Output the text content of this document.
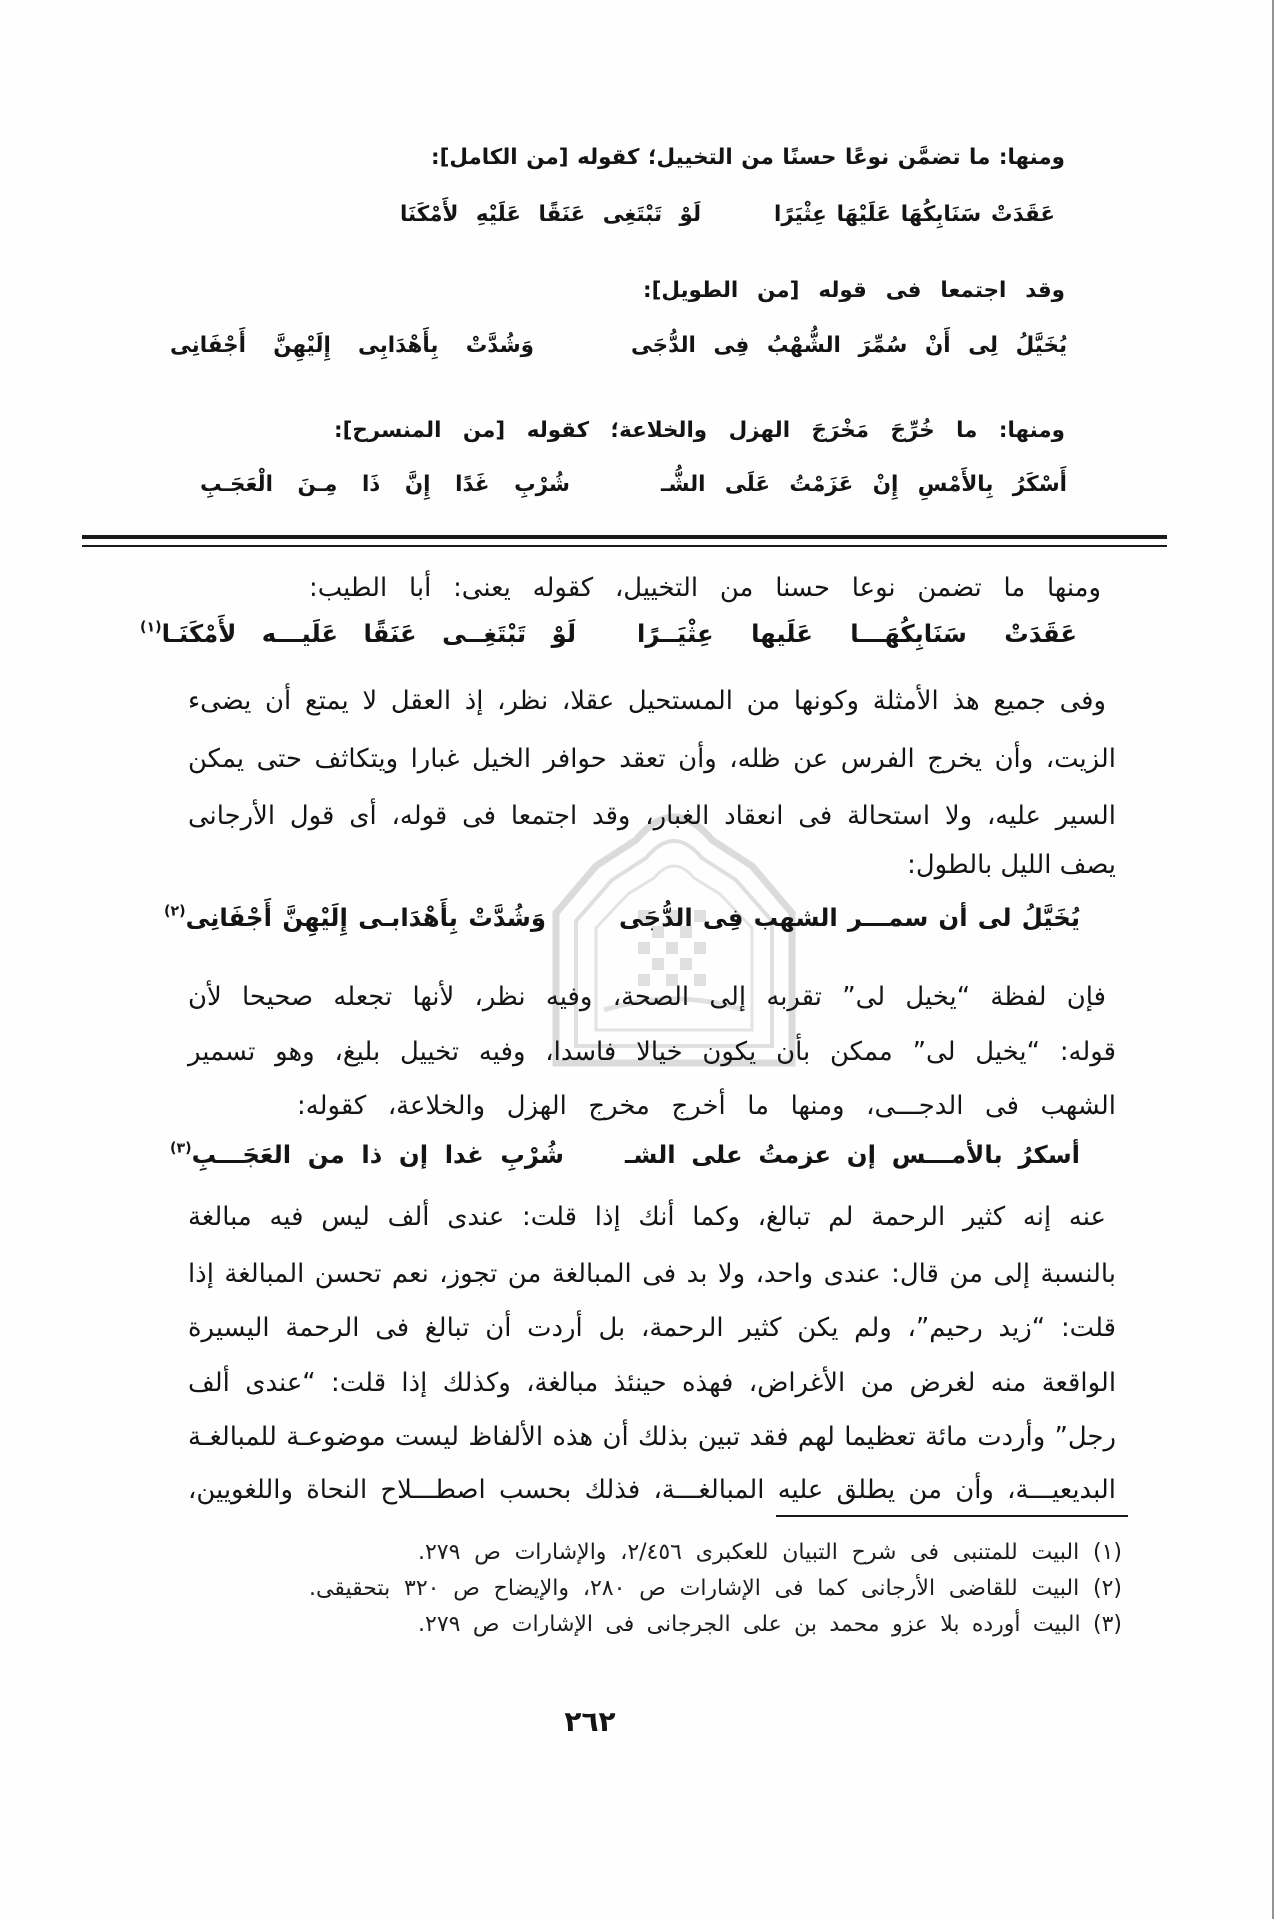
ومنها: ما تضمَّن نوعًا حسنًا من التخييل؛ كقوله [من الكامل]:
عَقَدَتْ سَنَابِكُهَا عَلَيْهَا عِثْيَرًا
لَوْ تَبْتَغِى عَنَقًا عَلَيْهِ لأَمْكَنَا
وقد اجتمعا فى قوله [من الطويل]:
يُخَيَّلُ لِى أَنْ سُمِّرَ الشُّهْبُ فِى الدُّجَى
وَشُدَّتْ بِأَهْدَابِى إِلَيْهِنَّ أَجْفَانِى
ومنها: ما خُرِّجَ مَخْرَجَ الهزل والخلاعة؛ كقوله [من المنسرح]:
أَسْكَرُ بِالأَمْسِ إِنْ عَزَمْتُ عَلَى الشُّـ
شُرْبِ غَدًا إِنَّ ذَا مِـنَ الْعَجَـبِ
ومنها ما تضمن نوعا حسنا من التخييل، كقوله يعنى: أبا الطيب:
عَقَدَتْ سَنَابِكُهَـــا عَلَيها عِثْيَــرًا
لَوْ تَبْتَغِــى عَنَقًا عَلَيـــه لأَمْكَنَـا$^{(١)}$
وفى جميع هذ الأمثلة وكونها من المستحيل عقلا، نظر، إذ العقل لا يمتع أن يضىء
الزيت، وأن يخرج الفرس عن ظله، وأن تعقد حوافر الخيل غبارا ويتكاثف حتى يمكن
السير عليه، ولا استحالة فى انعقاد الغبار، وقد اجتمعا فى قوله، أى قول الأرجانى
يصف الليل بالطول:
يُخَيَّلُ لى أن سمـــر الشهب فِى الدُّجَى
وَشُدَّتْ بِأَهْدَابـى إِلَيْهِنَّ أَجْفَانِى$^{(٢)}$
فإن لفظة “يخيل لى” تقربه إلى الصحة، وفيه نظر، لأنها تجعله صحيحا لأن
قوله: “يخيل لى” ممكن بأن يكون خيالا فاسدا، وفيه تخييل بليغ، وهو تسمير
الشهب فى الدجـــى، ومنها ما أخرج مخرج الهزل والخلاعة، كقوله:
أسكرُ بالأمـــس إن عزمتُ على الشـ
شُرْبِ غدا إن ذا من العَجَـــبِ$^{(٣)}$
عنه إنه كثير الرحمة لم تبالغ، وكما أنك إذا قلت: عندى ألف ليس فيه مبالغة
بالنسبة إلى من قال: عندى واحد، ولا بد فى المبالغة من تجوز، نعم تحسن المبالغة إذا
قلت: “زيد رحيم”، ولم يكن كثير الرحمة، بل أردت أن تبالغ فى الرحمة اليسيرة
الواقعة منه لغرض من الأغراض، فهذه حينئذ مبالغة، وكذلك إذا قلت: “عندى ألف
رجل” وأردت مائة تعظيما لهم فقد تبين بذلك أن هذه الألفاظ ليست موضوعـة للمبالغـة
البديعيـــة، وأن من يطلق عليه المبالغـــة، فذلك بحسب اصطـــلاح النحاة واللغويين،
(١) البيت للمتنبى فى شرح التبيان للعكبرى ٢/٤٥٦، والإشارات ص ٢٧٩.
(٢) البيت للقاضى الأرجانى كما فى الإشارات ص ٢٨٠، والإيضاح ص ٣٢٠ بتحقيقى.
(٣) البيت أورده بلا عزو محمد بن على الجرجانى فى الإشارات ص ٢٧٩.
٢٦٢
